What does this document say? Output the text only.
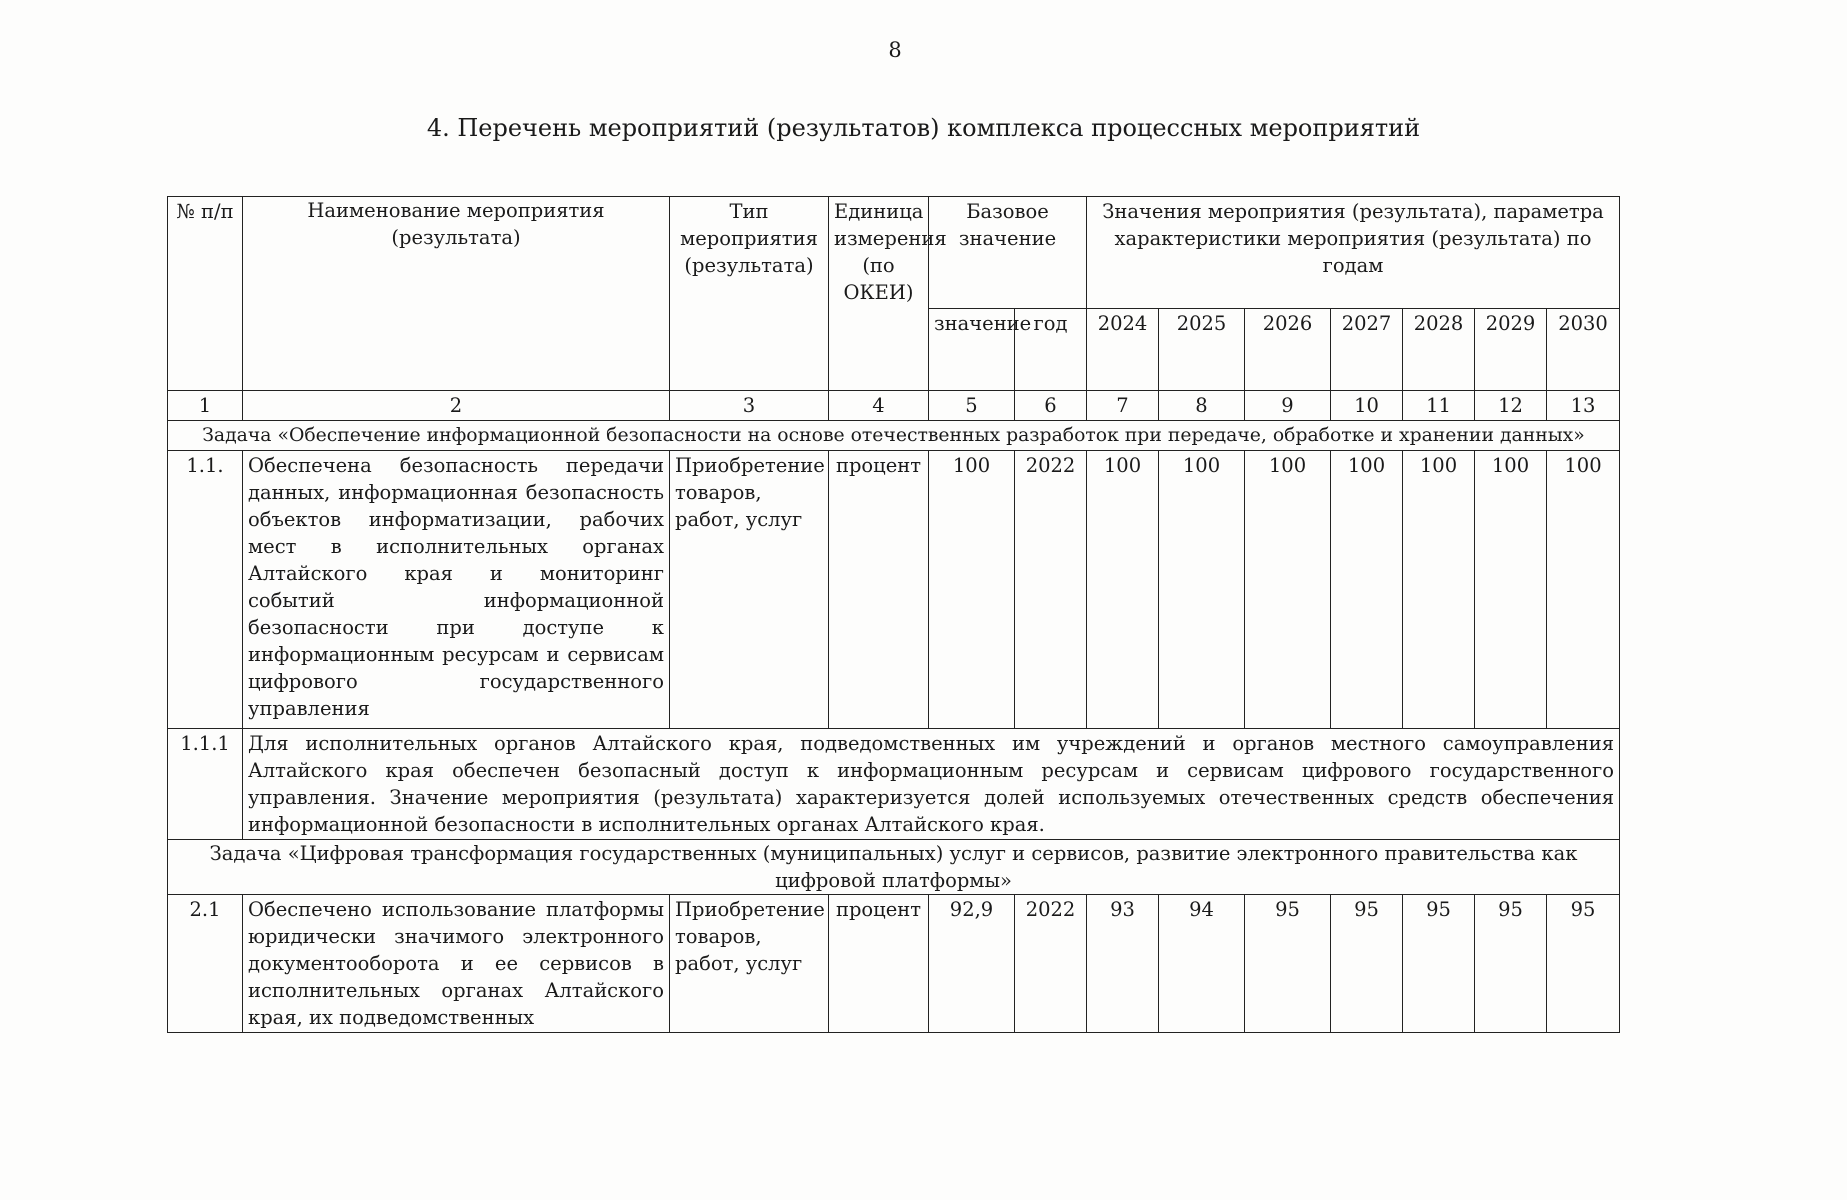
8
4. Перечень мероприятий (результатов) комплекса процессных мероприятий
№ п/п	Наименование мероприятия (результата)	Тип мероприятия (результата)	Единица измерения (по ОКЕИ)	Базовое значение		Значения мероприятия (результата), параметра характеристики мероприятия (результата) по годам						
				значение	год	2024	2025	2026	2027	2028	2029	2030
1	2	3	4	5	6	7	8	9	10	11	12	13
Задача «Обеспечение информационной безопасности на основе отечественных разработок при передаче, обработке и хранении данных»												
1.1.	Обеспечена безопасность передачи данных, информационная безопасность объектов информатизации, рабочих мест в исполнительных органах Алтайского края и мониторинг событий информационной безопасности при доступе к информационным ресурсам и сервисам цифрового государственного управления	Приобретение товаров, работ, услуг	процент	100	2022	100	100	100	100	100	100	100
1.1.1	Для исполнительных органов Алтайского края, подведомственных им учреждений и органов местного самоуправления Алтайского края обеспечен безопасный доступ к информационным ресурсам и сервисам цифрового государственного управления. Значение мероприятия (результата) характеризуется долей используемых отечественных средств обеспечения информационной безопасности в исполнительных органах Алтайского края.											
Задача «Цифровая трансформация государственных (муниципальных) услуг и сервисов, развитие электронного правительства как цифровой платформы»												
2.1	Обеспечено использование платформы юридически значимого электронного документооборота и ее сервисов в исполнительных органах Алтайского края, их подведомственных	Приобретение товаров, работ, услуг	процент	92,9	2022	93	94	95	95	95	95	95
